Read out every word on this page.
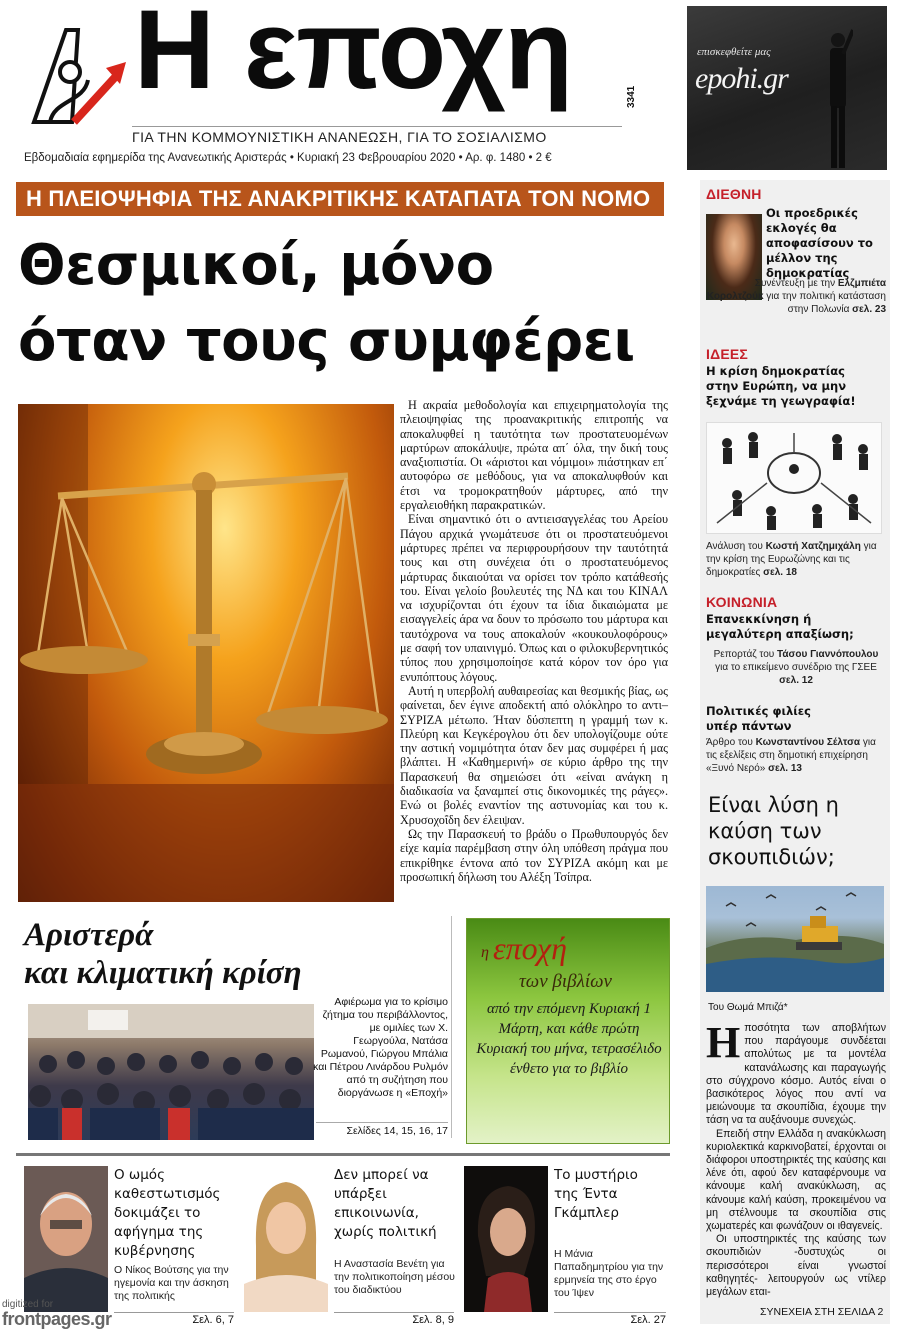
Η εποχη
ΓΙΑ ΤΗΝ ΚΟΜΜΟΥΝΙΣΤΙΚΗ ΑΝΑΝΕΩΣΗ, ΓΙΑ ΤΟ ΣΟΣΙΑΛΙΣΜΟ
3341
Εβδομαδιαία εφημερίδα της Ανανεωτικής Αριστεράς • Κυριακή 23 Φεβρουαρίου 2020 • Αρ. φ. 1480 • 2 €
επισκεφθείτε μας
epohi.gr
Η ΠΛΕΙΟΨΗΦΙΑ ΤΗΣ ΑΝΑΚΡΙΤΙΚΗΣ ΚΑΤΑΠΑΤΑ ΤΟΝ ΝΟΜΟ
Θεσμικοί, μόνο
όταν τους συμφέρει

Η ακραία μεθοδολογία και επιχειρηματολογία της πλειοψηφίας της προανακριτικής επιτροπής να αποκαλυφθεί η ταυτότητα των προστατευομένων μαρτύρων αποκάλυψε, πρώτα απ΄ όλα, την δική τους αναξιοπιστία. Οι «άριστοι και νόμιμοι» πιάστηκαν επ΄ αυτοφόρω σε μεθόδους, για να αποκαλυφθούν και έτσι να τρομοκρατηθούν μάρτυρες, από την εργαλειοθήκη παρακρατικών.

Είναι σημαντικό ότι ο αντιεισαγγελέας του Αρείου Πάγου αρχικά γνωμάτευσε ότι οι προστατευόμενοι μάρτυρες πρέπει να περιφρουρήσουν την ταυτότητά τους και στη συνέχεια ότι ο προστατευόμενος μάρτυρας δικαιούται να ορίσει τον τρόπο κατάθεσής του. Είναι γελοίο βουλευτές της ΝΔ και του ΚΙΝΑΛ να ισχυρίζονται ότι έχουν τα ίδια δικαιώματα με εισαγγελείς άρα να δουν το πρόσωπο του μάρτυρα και ταυτόχρονα να τους αποκαλούν «κουκουλοφόρους» με σαφή τον υπαινιγμό. Όπως και ο φιλοκυβερνητικός τύπος που χρησιμοποίησε κατά κόρον τον όρο για ενυπόπτους λόγους.

Αυτή η υπερβολή αυθαιρεσίας και θεσμικής βίας, ως φαίνεται, δεν έγινε αποδεκτή από ολόκληρο το αντι–ΣΥΡΙΖΑ μέτωπο. Ήταν δύσπεπτη η γραμμή των κ. Πλεύρη και Κεγκέρογλου ότι δεν υπολογίζουμε ούτε την αστική νομιμότητα όταν δεν μας συμφέρει ή μας βλάπτει. Η «Καθημερινή» σε κύριο άρθρο της την Παρασκευή θα σημειώσει ότι «είναι ανάγκη η διαδικασία να ξαναμπεί στις δικονομικές της ράγες». Ενώ οι βολές εναντίον της αστυνομίας και του κ. Χρυσοχοΐδη δεν έλειψαν.

Ως την Παρασκευή το βράδυ ο Πρωθυπουργός δεν είχε καμία παρέμβαση στην όλη υπόθεση πράγμα που επικρίθηκε έντονα από τον ΣΥΡΙΖΑ ακόμη και με προσωπική δήλωση του Αλέξη Τσίπρα.

Αριστερά
και κλιματική κρίση
Αφιέρωμα για το κρίσιμο ζήτημα του περιβάλλοντος, με ομιλίες των Χ. Γεωργούλα, Νατάσα Ρωμανού, Γιώργου Μπάλια και Πέτρου Λινάρδου Ρυλμόν από τη συζήτηση που διοργάνωσε η «Εποχή»
Σελίδες 14, 15, 16, 17
η εποχή
των βιβλίων
από την επόμενη Κυριακή 1 Μάρτη, και κάθε πρώτη Κυριακή του μήνα, τετρασέλιδο ένθετο για το βιβλίο
Ο ωμός καθεστωτισμός δοκιμάζει το αφήγημα της κυβέρνησης
Ο Νίκος Βούτσης για την ηγεμονία και την άσκηση της πολιτικής
Σελ. 6, 7
Δεν μπορεί να υπάρξει επικοινωνία, χωρίς πολιτική
Η Αναστασία Βενέτη για την πολιτικοποίηση μέσου του διαδικτύου
Σελ. 8, 9
Το μυστήριο της Έντα Γκάμπλερ
Η Μάνια Παπαδημητρίου για την ερμηνεία της στο έργο του Ίψεν
Σελ. 27
digitized for
frontpages.gr
ΔΙΕΘΝΗ
Οι προεδρικές εκλογές θα αποφασίσουν το μέλλον της δημοκρατίας
Συνέντευξη με την Ελζμπιέτα Κορολτζούκ για την πολιτική κατάσταση στην Πολωνία σελ. 23
ΙΔΕΕΣ
Η κρίση δημοκρατίας στην Ευρώπη, να μην ξεχνάμε τη γεωγραφία!
Ανάλυση του Κωστή Χατζημιχάλη για την κρίση της Ευρωζώνης και τις δημοκρατίες σελ. 18
ΚΟΙΝΩΝΙΑ
Επανεκκίνηση ή μεγαλύτερη απαξίωση;
Ρεπορτάζ του Τάσου Γιαννόπουλου για το επικείμενο συνέδριο της ΓΣΕΕ σελ. 12
Πολιτικές φιλίες υπέρ πάντων
Άρθρο του Κωνσταντίνου Σέλτσα για τις εξελίξεις στη δημοτική επιχείρηση «Ξυνό Νερό» σελ. 13
Είναι λύση η καύση των σκουπιδιών;
Του Θωμά Μπιζά*
Ηποσότητα των αποβλήτων που παράγουμε συνδέεται απολύτως με τα μοντέλα κατανάλωσης και παραγωγής στο σύγχρονο κόσμο. Αυτός είναι ο βασικότερος λόγος που αντί να μειώνουμε τα σκουπίδια, έχουμε την τάση να τα αυξάνουμε συνεχώς.

Επειδή στην Ελλάδα η ανακύκλωση κυριολεκτικά καρκινοβατεί, έρχονται οι διάφοροι υποστηρικτές της καύσης και λένε ότι, αφού δεν καταφέρνουμε να κάνουμε καλή ανακύκλωση, ας κάνουμε καλή καύση, προκειμένου να μη στέλνουμε τα σκουπίδια στις χωματερές και φωνάζουν οι ιθαγενείς.

Οι υποστηρικτές της καύσης των σκουπιδιών -δυστυχώς οι περισσότεροι είναι γνωστοί καθηγητές- λειτουργούν ως ντίλερ μεγάλων εται-

ΣΥΝΕΧΕΙΑ ΣΤΗ ΣΕΛΙΔΑ 2
